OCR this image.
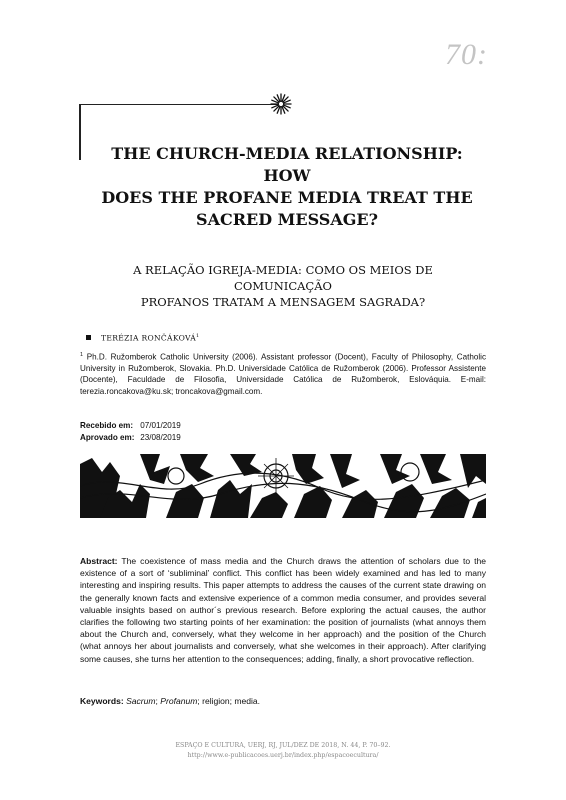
70:
THE CHURCH-MEDIA RELATIONSHIP: HOW
DOES THE PROFANE MEDIA TREAT THE
SACRED MESSAGE?
A RELAÇÃO IGREJA-MEDIA: COMO OS MEIOS DE COMUNICAÇÃO
PROFANOS TRATAM A MENSAGEM SAGRADA?
TERÉZIA RONČÁKOVÁ$^1$
$^1$ Ph.D. Ružomberok Catholic University (2006). Assistant professor (Docent), Faculty of Philosophy, Catholic University in Ružomberok, Slovakia. Ph.D. Universidade Católica de Ružomberok (2006). Professor Assistente (Docente), Faculdade de Filosofia, Universidade Católica de Ružomberok, Eslováquia. E-mail: terezia.roncakova@ku.sk; troncakova@gmail.com.
Recebido em: 07/01/2019
Aprovado em: 23/08/2019
Abstract: The coexistence of mass media and the Church draws the attention of scholars due to the existence of a sort of ‘subliminal’ conflict. This conflict has been widely examined and has led to many interesting and inspiring results. This paper attempts to address the causes of the current state drawing on the generally known facts and extensive experience of a common media consumer, and provides several valuable insights based on author´s previous research. Before exploring the actual causes, the author clarifies the following two starting points of her examination: the position of journalists (what annoys them about the Church and, conversely, what they welcome in her approach) and the position of the Church (what annoys her about journalists and conversely, what she welcomes in their approach). After clarifying some causes, she turns her attention to the consequences; adding, finally, a short provocative reflection.
Keywords: Sacrum; Profanum; religion; media.
ESPAÇO E CULTURA, UERJ, RJ, JUL/DEZ DE 2018, N. 44, P. 70–92.
http://www.e-publicacoes.uerj.br/index.php/espacoecultura/
